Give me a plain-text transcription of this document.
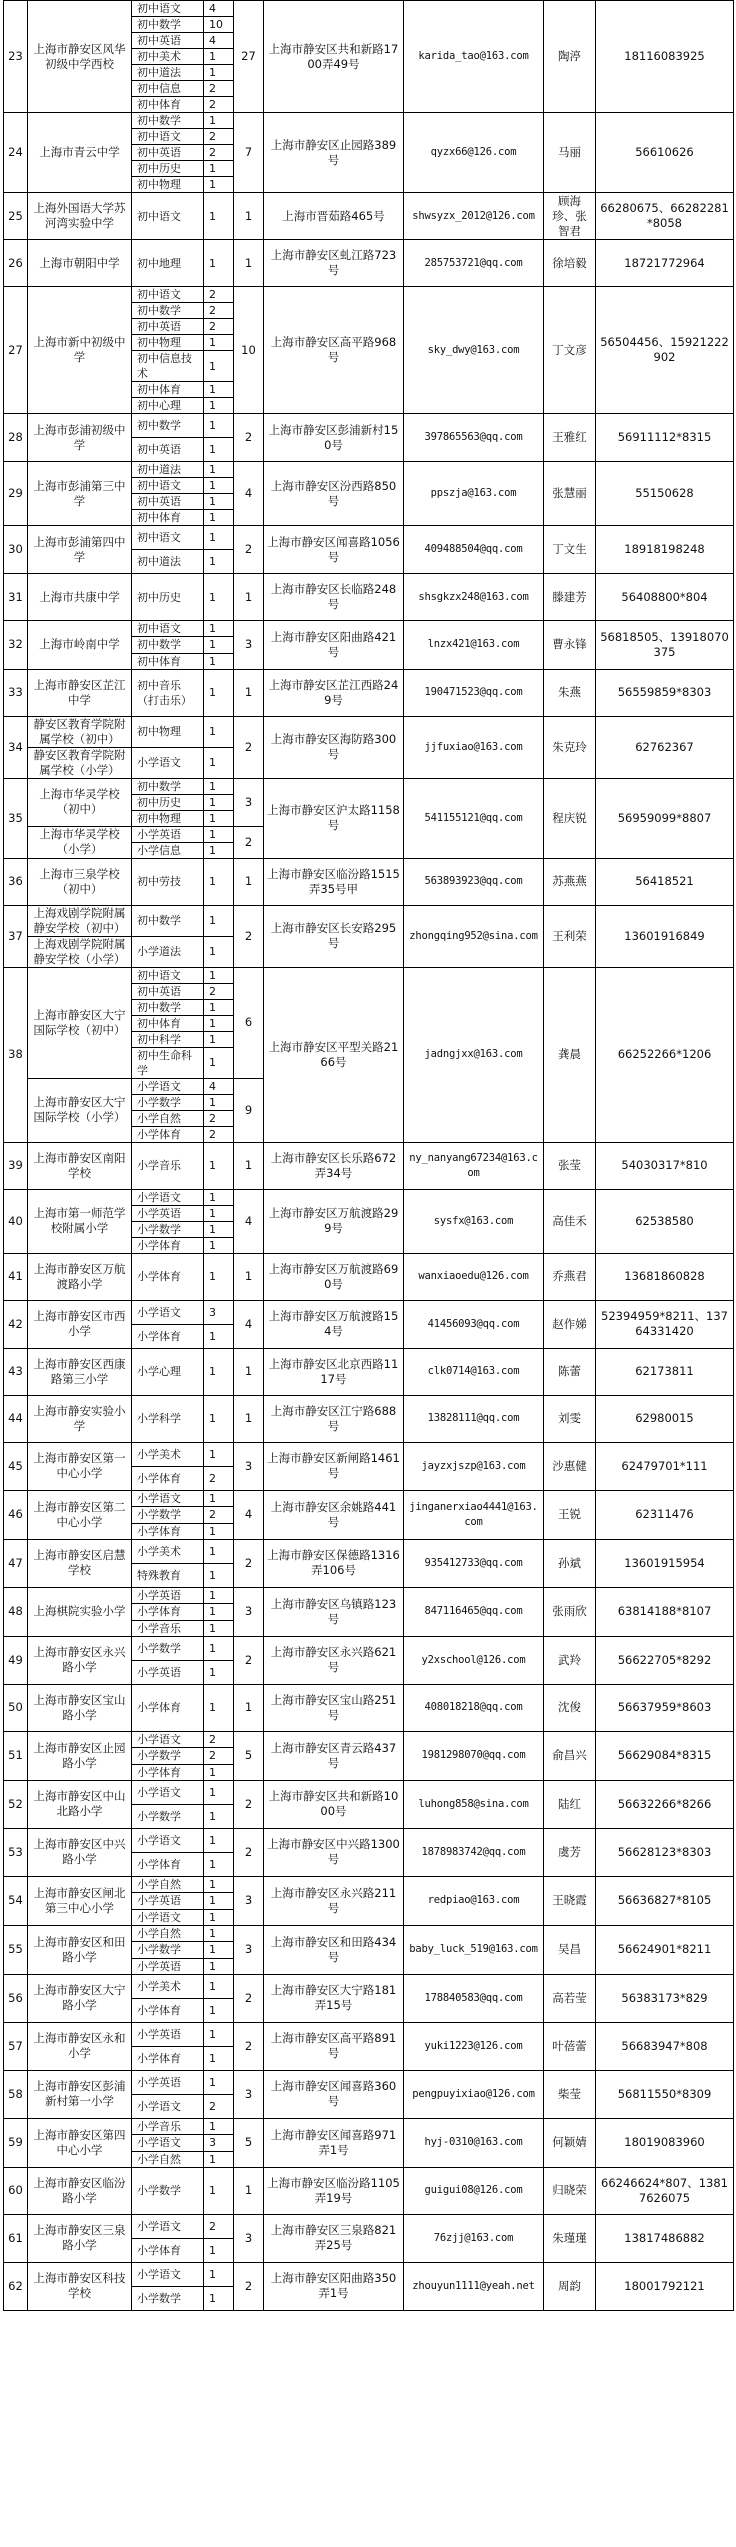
23	上海市静安区风华初级中学西校	初中语文	4	27	上海市静安区共和新路1700弄49号	karida_tao@163.com	陶渟	18116083925
		初中数学	10					
		初中英语	4					
		初中美术	1					
		初中道法	1					
		初中信息	2					
		初中体育	2					
24	上海市青云中学	初中数学	1	7	上海市静安区止园路389号	qyzx66@126.com	马丽	56610626
		初中语文	2					
		初中英语	2					
		初中历史	1					
		初中物理	1					
25	上海外国语大学苏河湾实验中学	初中语文	1	1	上海市晋茹路465号	shwsyzx_2012@126.com	顾海珍、张智君	66280675、66282281*8058
26	上海市朝阳中学	初中地理	1	1	上海市静安区虬江路723号	285753721@qq.com	徐培毅	18721772964
27	上海市新中初级中学	初中语文	2	10	上海市静安区高平路968号	sky_dwy@163.com	丁文彦	56504456、15921222902
		初中数学	2					
		初中英语	2					
		初中物理	1					
		初中信息技术	1					
		初中体育	1					
		初中心理	1					
28	上海市彭浦初级中学	初中数学	1	2	上海市静安区彭浦新村150号	397865563@qq.com	王雅红	56911112*8315
		初中英语	1					
29	上海市彭浦第三中学	初中道法	1	4	上海市静安区汾西路850号	ppszja@163.com	张慧丽	55150628
		初中语文	1					
		初中英语	1					
		初中体育	1					
30	上海市彭浦第四中学	初中语文	1	2	上海市静安区闻喜路1056号	409488504@qq.com	丁文生	18918198248
		初中道法	1					
31	上海市共康中学	初中历史	1	1	上海市静安区长临路248号	shsgkzx248@163.com	滕建芳	56408800*804
32	上海市岭南中学	初中语文	1	3	上海市静安区阳曲路421号	lnzx421@163.com	曹永锋	56818505、13918070375
		初中数学	1					
		初中体育	1					
33	上海市静安区芷江中学	初中音乐（打击乐）	1	1	上海市静安区芷江西路249号	190471523@qq.com	朱燕	56559859*8303
34	静安区教育学院附属学校（初中）	初中物理	1	2	上海市静安区海防路300号	jjfuxiao@163.com	朱克玲	62762367
	静安区教育学院附属学校（小学）	小学语文	1					
35	上海市华灵学校（初中）	初中数学	1	3	上海市静安区沪太路1158号	541155121@qq.com	程庆锐	56959099*8807
		初中历史	1					
		初中物理	1					
	上海市华灵学校（小学）	小学英语	1	2				
		小学信息	1					
36	上海市三泉学校（初中）	初中劳技	1	1	上海市静安区临汾路1515弄35号甲	563893923@qq.com	苏燕燕	56418521
37	上海戏剧学院附属静安学校（初中）	初中数学	1	2	上海市静安区长安路295号	zhongqing952@sina.com	王利荣	13601916849
	上海戏剧学院附属静安学校（小学）	小学道法	1					
38	上海市静安区大宁国际学校（初中）	初中语文	1	6	上海市静安区平型关路2166号	jadngjxx@163.com	龚晨	66252266*1206
		初中英语	2					
		初中数学	1					
		初中体育	1					
		初中科学	1					
		初中生命科学	1					
	上海市静安区大宁国际学校（小学）	小学语文	4	9				
		小学数学	1					
		小学自然	2					
		小学体育	2					
39	上海市静安区南阳学校	小学音乐	1	1	上海市静安区长乐路672弄34号	ny_nanyang67234@163.com	张莹	54030317*810
40	上海市第一师范学校附属小学	小学语文	1	4	上海市静安区万航渡路299号	sysfx@163.com	高佳禾	62538580
		小学英语	1					
		小学数学	1					
		小学体育	1					
41	上海市静安区万航渡路小学	小学体育	1	1	上海市静安区万航渡路690号	wanxiaoedu@126.com	乔燕君	13681860828
42	上海市静安区市西小学	小学语文	3	4	上海市静安区万航渡路154号	41456093@qq.com	赵作娣	52394959*8211、13764331420
		小学体育	1					
43	上海市静安区西康路第三小学	小学心理	1	1	上海市静安区北京西路1117号	clk0714@163.com	陈蕾	62173811
44	上海市静安实验小学	小学科学	1	1	上海市静安区江宁路688号	13828111@qq.com	刘雯	62980015
45	上海市静安区第一中心小学	小学美术	1	3	上海市静安区新闸路1461号	jayzxjszp@163.com	沙惠健	62479701*111
		小学体育	2					
46	上海市静安区第二中心小学	小学语文	1	4	上海市静安区余姚路441号	jinganerxiao4441@163.com	王锐	62311476
		小学数学	2					
		小学体育	1					
47	上海市静安区启慧学校	小学美术	1	2	上海市静安区保德路1316弄106号	935412733@qq.com	孙斌	13601915954
		特殊教育	1					
48	上海棋院实验小学	小学英语	1	3	上海市静安区乌镇路123号	847116465@qq.com	张雨欣	63814188*8107
		小学体育	1					
		小学音乐	1					
49	上海市静安区永兴路小学	小学数学	1	2	上海市静安区永兴路621号	y2xschool@126.com	武羚	56622705*8292
		小学英语	1					
50	上海市静安区宝山路小学	小学体育	1	1	上海市静安区宝山路251号	408018218@qq.com	沈俊	56637959*8603
51	上海市静安区止园路小学	小学语文	2	5	上海市静安区青云路437号	1981298070@qq.com	俞昌兴	56629084*8315
		小学数学	2					
		小学体育	1					
52	上海市静安区中山北路小学	小学语文	1	2	上海市静安区共和新路1000号	luhong858@sina.com	陆红	56632266*8266
		小学数学	1					
53	上海市静安区中兴路小学	小学语文	1	2	上海市静安区中兴路1300号	1878983742@qq.com	虞芳	56628123*8303
		小学体育	1					
54	上海市静安区闸北第三中心小学	小学自然	1	3	上海市静安区永兴路211号	redpiao@163.com	王晓霞	56636827*8105
		小学英语	1					
		小学语文	1					
55	上海市静安区和田路小学	小学自然	1	3	上海市静安区和田路434号	baby_luck_519@163.com	吴昌	56624901*8211
		小学数学	1					
		小学英语	1					
56	上海市静安区大宁路小学	小学美术	1	2	上海市静安区大宁路181弄15号	178840583@qq.com	高若莹	56383173*829
		小学体育	1					
57	上海市静安区永和小学	小学英语	1	2	上海市静安区高平路891号	yuki1223@126.com	叶蓓蕾	56683947*808
		小学体育	1					
58	上海市静安区彭浦新村第一小学	小学英语	1	3	上海市静安区闻喜路360号	pengpuyixiao@126.com	柴莹	56811550*8309
		小学语文	2					
59	上海市静安区第四中心小学	小学音乐	1	5	上海市静安区闻喜路971弄1号	hyj-0310@163.com	何颖婧	18019083960
		小学语文	3					
		小学自然	1					
60	上海市静安区临汾路小学	小学数学	1	1	上海市静安区临汾路1105弄19号	guigui08@126.com	归晓荣	66246624*807、13817626075
61	上海市静安区三泉路小学	小学语文	2	3	上海市静安区三泉路821弄25号	76zjj@163.com	朱瑾瑾	13817486882
		小学体育	1					
62	上海市静安区科技学校	小学语文	1	2	上海市静安区阳曲路350弄1号	zhouyun1111@yeah.net	周韵	18001792121
		小学数学	1					
